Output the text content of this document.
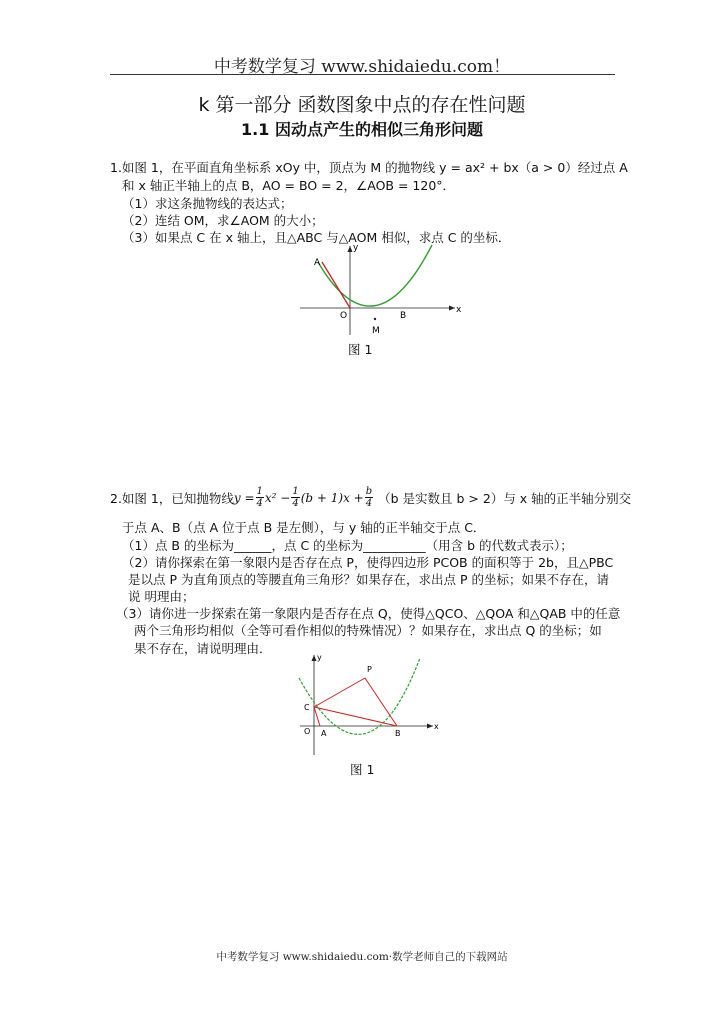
中考数学复习 www.shidaiedu.com！
k 第一部分 函数图象中点的存在性问题
1.1 因动点产生的相似三角形问题
1.如图 1，在平面直角坐标系 xOy 中，顶点为 M 的抛物线 y = ax² + bx（a > 0）经过点 A
和 x 轴正半轴上的点 B，AO = BO = 2，∠AOB = 120°．
（1）求这条抛物线的表达式；
（2）连结 OM，求∠AOM 的大小；
（3）如果点 C 在 x 轴上，且△ABC 与△AOM 相似，求点 C 的坐标．
y
x
A
O	B
M
图 1
2.如图 1，已知抛物线 $y = \frac{1}{4} x^2 - \frac{1}{4} (b + 1)x + \frac{b}{4} (b$ 是实数且 b > 2）与 x 轴的正半轴分别交
于点 A、B（点 A 位于点 B 是左侧），与 y 轴的正半轴交于点 C．
（1）点 B 的坐标为______，点 C 的坐标为__________（用含 b 的代数式表示）；
（2）请你探索在第一象限内是否存在点 P，使得四边形 PCOB 的面积等于 2b，且△PBC
是以点 P 为直角顶点的等腰直角三角形？如果存在，求出点 P 的坐标；如果不存在，请
说 明理由；
（3）请你进一步探索在第一象限内是否存在点 Q，使得△QCO、△QOA 和△QAB 中的任意
两个三角形均相似（全等可看作相似的特殊情况）？如果存在，求出点 Q 的坐标；如
果不存在，请说明理由．
y
x
P
C
O A	B
图 1
中考数学复习 www.shidaiedu.com·数学老师自己的下载网站
